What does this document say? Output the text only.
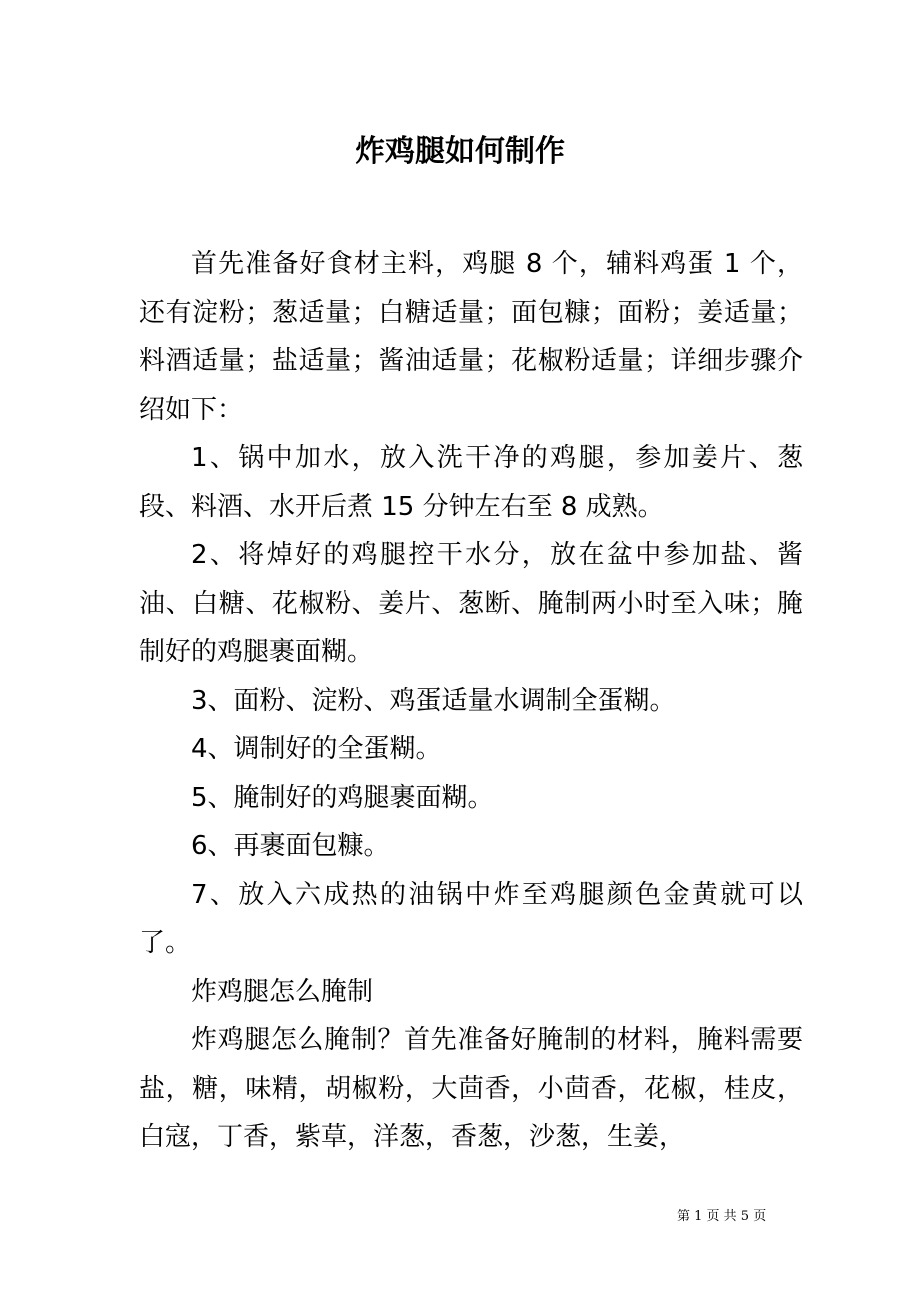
炸鸡腿如何制作

首先准备好食材主料，鸡腿 8 个，辅料鸡蛋 1 个，还有淀粉；葱适量；白糖适量；面包糠；面粉；姜适量；料酒适量；盐适量；酱油适量；花椒粉适量；详细步骤介绍如下：

1、锅中加水，放入洗干净的鸡腿，参加姜片、葱段、料酒、水开后煮 15 分钟左右至 8 成熟。

2、将焯好的鸡腿控干水分，放在盆中参加盐、酱油、白糖、花椒粉、姜片、葱断、腌制两小时至入味；腌制好的鸡腿裹面糊。

3、面粉、淀粉、鸡蛋适量水调制全蛋糊。

4、调制好的全蛋糊。

5、腌制好的鸡腿裹面糊。

6、再裹面包糠。

7、放入六成热的油锅中炸至鸡腿颜色金黄就可以了。

炸鸡腿怎么腌制

炸鸡腿怎么腌制？首先准备好腌制的材料，腌料需要盐，糖，味精，胡椒粉，大茴香，小茴香，花椒，桂皮，白寇，丁香，紫草，洋葱，香葱，沙葱，生姜，

第 1 页 共 5 页
